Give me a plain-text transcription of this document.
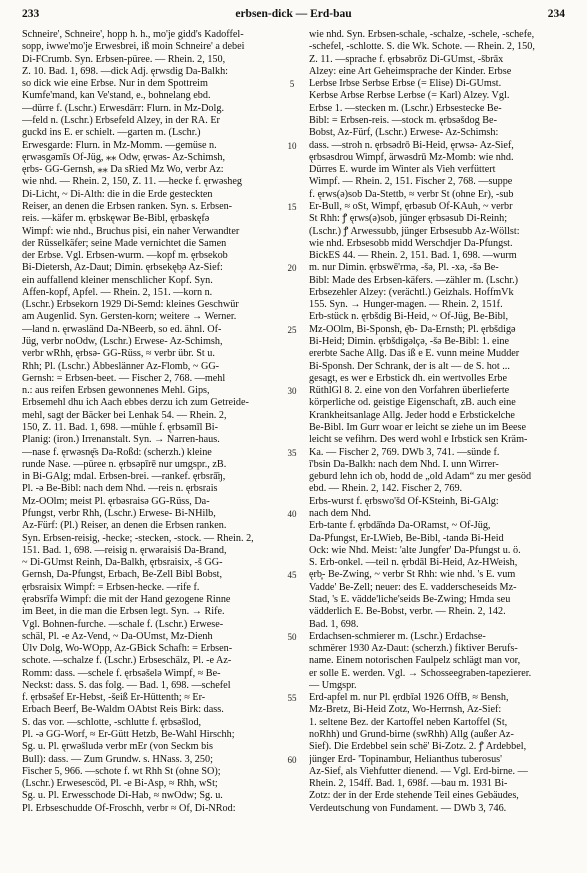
233	erbsen-dick — Erd-bau	234
Schneire', Schneire', hopp h. h., mo'je gidd's Kadoffel-
sopp, iwwe'mo'je Erwesbrei, iß moin Schneire' a debei
Di-FCrumb. Syn. Erbsen-püree. — Rhein. 2, 150,
Z. 10. Bad. 1, 698. —dick Adj. ęrwsdig Da-Balkh:
so dick wie eine Erbse. Nur in dem Spottreim
Kumfe'mand, kan Ve'stand, e., bohnelang ebd.
—dürre f. (Lschr.) Erwesdärr: Flurn. in Mz-Dolg.
—feld n. (Lschr.) Erbsefeld Alzey, in der RA. Er
guckd ins E. er schielt. —garten m. (Lschr.)
Erwesgarde: Flurn. in Mz-Momm. —gemüse n.
ęrwəsgəmīs Of-Jüg, ⁎⁎ Odw, ęrwəs- Az-Schimsh,
ęrbs- GG-Gernsh, ⁎⁎ Da sRied Mz Wo, verbr Az:
wie nhd. — Rhein. 2, 150, Z. 11. —hecke f. ęrwəsheg
Di-Licht, ~ Di-Alth: die in die Erde gesteckten
Reiser, an denen die Erbsen ranken. Syn. s. Erbsen-
reis. —käfer m. ęrbskęwər Be-Bibl, ęrbəskęfə
Wimpf: wie nhd., Bruchus pisi, ein naher Verwandter
der Rüsselkäfer; seine Made vernichtet die Samen
der Erbse. Vgl. Erbsen-wurm. —kopf m. ęrbsekob
Bi-Dietersh, Az-Daut; Dimin. ęrbsekęb̥ə Az-Sief:
ein auffallend kleiner menschlicher Kopf. Syn.
Affen-kopf, Apfel. — Rhein. 2, 151. —korn n.
(Lschr.) Erbsekorn 1929 Di-Semd: kleines Geschwür
am Augenlid. Syn. Gersten-korn; weitere → Werner.
—land n. ęrwəsländ Da-NBeerb, so ed. ähnl. Of-
Jüg, verbr noOdw, (Lschr.) Erwese- Az-Schimsh,
verbr wRhh, ęrbsə- GG-Rüss, ≈ verbr übr. St u.
Rhh; Pl. (Lschr.) Äbbeslänner Az-Flomb, ~ GG-
Gernsh: = Erbsen-beet. — Fischer 2, 768. —mehl
n.: aus reifen Erbsen gewonnenes Mehl. Gips,
Erbsemehl dhu ich Aach ebbes derzu ich zum Getreide-
mehl, sagt der Bäcker bei Lenhak 54. — Rhein. 2,
150, Z. 11. Bad. 1, 698. —mühle f. ęrbsəmīl Bi-
Planig: (iron.) Irrenanstalt. Syn. → Narren-haus.
—nase f. ęrwəsnę̄s Da-Roßd: (scherzh.) kleine
runde Nase. —püree n. ęrbsəpīrē nur umgspr., zB.
in Bi-GAlg; mdal. Erbsen-brei. —rankef. ęrbsrā̄ŋ,
Pl. -ə Be-Bibl: nach dem Nhd. —reis n. ęrbsrais
Mz-OOlm; meist Pl. ęrbəsraisə GG-Rüss, Da-
Pfungst, verbr Rhh, (Lschr.) Erwese- Bi-NHilb,
Az-Fürf: (Pl.) Reiser, an denen die Erbsen ranken.
Syn. Erbsen-reisig, -hecke; -stecken, -stock. — Rhein. 2,
151. Bad. 1, 698. —reisig n. ęrwəraisiś Da-Brand,
~ Di-GUmst Reinh, Da-Balkh, ęrbsraisix, -š GG-
Gernsh, Da-Pfungst, Erbach, Be-Zell Bibl Bobst,
ęrbsraisix Wimpf: = Erbsen-hecke. —rife f.
ęrəbsrīfə Wimpf: die mit der Hand gezogene Rinne
im Beet, in die man die Erbsen legt. Syn. → Rife.
Vgl. Bohnen-furche. —schale f. (Lschr.) Erwese-
schäl, Pl. -e Az-Vend, ~ Da-OUmst, Mz-Dienh
Ülv Dolg, Wo-WOpp, Az-GBick Schafh: = Erbsen-
schote. —schalze f. (Lschr.) Erbseschälz, Pl. -e Az-
Romm: dass. —schele f. ęrbsəšelə Wimpf, ≈ Be-
Neckst: dass. S. das folg. — Bad. 1, 698. —schefel
f. ęrbsəšef Er-Hebst, -šeiß Er-Hüttenth; ≈ Er-
Erbach Beerf, Be-Waldm OAbtst Reis Birk: dass.
S. das vor. —schlotte, -schlutte f. ęrbsəšlod,
Pl. -ə GG-Worf, ≈ Er-Gütt Hetzb, Be-Wahl Hirschh;
Sg. u. Pl. ęrwəšludə verbr mEr (von Seckm bis
Bull): dass. — Zum Grundw. s. HNass. 3, 250;
Fischer 5, 966. —schote f. wt Rhh St (ohne SO);
(Lschr.) Erwesescöd, Pl. -e Bi-Asp, ≈ Rhh, wSt;
Sg. u. Pl. Erwesschode Di-Hab, ≈ nwOdw; Sg. u.
Pl. Erbseschudde Of-Froschh, verbr ≈ Of, Di-NRod:
wie nhd. Syn. Erbsen-schale, -schalze, -schele, -schefe,
-schefel, -schlotte. S. die Wk. Schote. — Rhein. 2, 150,
Z. 11. —sprache f. ęrbsəbrōz Di-GUmst, -šbrāx
Alzey: eine Art Geheimsprache der Kinder. Erbse
Lerbse Irbse Serbse Erbse (= Elise) Di-GUmst.
Kerbse Arbse Rerbse Lerbse (= Karl) Alzey. Vgl.
Erbse 1. —stecken m. (Lschr.) Erbsestecke Be-
Bibl: = Erbsen-reis. —stock m. ęrbsəšdog Be-
Bobst, Az-Fürf, (Lschr.) Erwese- Az-Schimsh:
dass. —stroh n. ęrbsədrō Bi-Heid, ęrwsə- Az-Sief,
ęrbsəsdrou Wimpf, ärwəsdrū Mz-Momb: wie nhd.
Dürres E. wurde im Winter als Vieh verfüttert
Wimpf. — Rhein. 2, 151. Fischer 2, 768. —suppe
f. ęrws(ə)sob Da-Stettb, ≈ verbr St (ohne Er), -sub
Er-Bull, ≈ oSt, Wimpf, ęrbəsub Of-KAuh, ~ verbr
St Rhh: ꝭ ęrws(ə)sob, jünger ęrbsəsub Di-Reinh;
(Lschr.) ꝭ Arwessubb, jünger Erbsesubb Az-Wöllst:
wie nhd. Erbsesobb midd Werschdjer Da-Pfungst.
BickES 44. — Rhein. 2, 151. Bad. 1, 698. —wurm
m. nur Dimin. ęrbswē'rmə, -šə, Pl. -xə, -šə Be-
Bibl: Made des Erbsen-käfers. —zähler m. (Lschr.)
Erbsezehler Alzey: (verächtl.) Geizhals. HoffmVk
155. Syn. → Hunger-magen. — Rhein. 2, 151f.
Erb-stück n. ęrbšdig Bi-Heid, ~ Of-Jüg, Be-Bibl,
Mz-OOlm, Bi-Sponsh, ę̄b- Da-Ernsth; Pl. ęrbšdigə
Bi-Heid; Dimin. ęrbšdigəlçə, -šə Be-Bibl: 1. eine
ererbte Sache Allg. Das iß e E. vunn meine Mudder
Bi-Sponsh. Der Schrank, der is alt — de S. hot ...
gesagt, es wer e Erbstick dh. ein wertvolles Erbe
RüthlGl 8. 2. eine von den Vorfahren überlieferte
körperliche od. geistige Eigenschaft, zB. auch eine
Krankheitsanlage Allg. Jeder hodd e Erbstickelche
Be-Bibl. Im Gurr woar er leicht se ziehe un im Beese
leicht se vefihrn. Des werd wohl e Irbstick sen Kräm-
Ka. — Fischer 2, 769. DWb 3, 741. —sünde f.
ī'bsin Da-Balkh: nach dem Nhd. I. unn Wirrer-
geburd lehn ich ob, hodd de „old Adam“ zu mer gesöd
ebd. — Rhein. 2, 142. Fischer 2, 769.
Erbs-wurst f. ęrbswo'šd Of-KSteinh, Bi-GAlg:
nach dem Nhd.
Erb-tante f. ęrbdā̄ndə Da-ORamst, ~ Of-Jüg,
Da-Pfungst, Er-LWieb, Be-Bibl, -tandə Bi-Heid
Ock: wie Nhd. Meist: 'alte Jungfer' Da-Pfungst u. ö.
S. Erb-onkel. —teil n. ęrbdāl Bi-Heid, Az-HWeish,
ęrb̥- Be-Zwing, ~ verbr St Rhh: wie nhd. 's E. vum
Vadde' Be-Zell; neuer: des E. vadderscheseids Mz-
Stad, 's E. vädde'liche'seids Be-Zwing; Hmda seu
vädderlich E. Be-Bobst, verbr. — Rhein. 2, 142.
Bad. 1, 698.
Erdachsen-schmierer m. (Lschr.) Erdachse-
schmërer 1930 Az-Daut: (scherzh.) fiktiver Berufs-
name. Einem notorischen Faulpelz schlägt man vor,
er solle E. werden. Vgl. → Schosseegraben-tapezierer.
— Umgspr.
Erd-apfel m. nur Pl. ęrdbīəl 1926 OffB, ≈ Bensh,
Mz-Bretz, Bi-Heid Zotz, Wo-Herrnsh, Az-Sief:
1. seltene Bez. der Kartoffel neben Kartoffel (St,
noRhh) und Grund-birne (swRhh) Allg (außer Az-
Sief). Die Erdebbel sein schë' Bi-Zotz. 2. ꝭ Ardebbel,
jünger Erd- 'Topinambur, Helianthus tuberosus'
Az-Sief, als Viehfutter dienend. — Vgl. Erd-birne. —
Rhein. 2, 154ff. Bad. 1, 698f. —bau m. 1931 Bi-
Zotz: der in der Erde stehende Teil eines Gebäudes,
Verdeutschung von Fundament. — DWb 3, 746.
5
10
15
20
25
30
35
40
45
50
55
60
